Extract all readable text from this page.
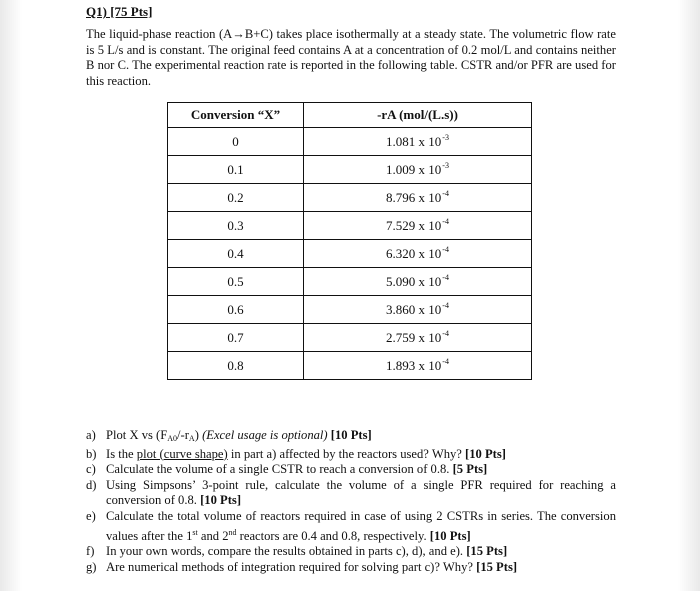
Q1) [75 Pts]

The liquid-phase reaction (A→B+C) takes place isothermally at a steady state. The volumetric flow rate is 5 L/s and is constant. The original feed contains A at a concentration of 0.2 mol/L and contains neither B nor C. The experimental reaction rate is reported in the following table. CSTR and/or PFR are used for this reaction.

Conversion “X”	-rA (mol/(L.s))
0	1.081 x $10^{-3}$
0.1	1.009 x $10^{-3}$
0.2	8.796 x $10^{-4}$
0.3	7.529 x $10^{-4}$
0.4	6.320 x $10^{-4}$
0.5	5.090 x $10^{-4}$
0.6	3.860 x $10^{-4}$
0.7	2.759 x $10^{-4}$
0.8	1.893 x $10^{-4}$
a) Plot X vs $(F_{A0}/-r_A)$ (Excel usage is optional) [10 Pts]
b) Is the plot (curve shape) in part a) affected by the reactors used? Why? [10 Pts]
c) Calculate the volume of a single CSTR to reach a conversion of 0.8. [5 Pts]
d) Using Simpsons’ 3-point rule, calculate the volume of a single PFR required for reaching a conversion of 0.8. [10 Pts]
e) Calculate the total volume of reactors required in case of using 2 CSTRs in series. The conversion values after the 1st and 2nd reactors are 0.4 and 0.8, respectively. [10 Pts]
f) In your own words, compare the results obtained in parts c), d), and e). [15 Pts]
g) Are numerical methods of integration required for solving part c)? Why? [15 Pts]
